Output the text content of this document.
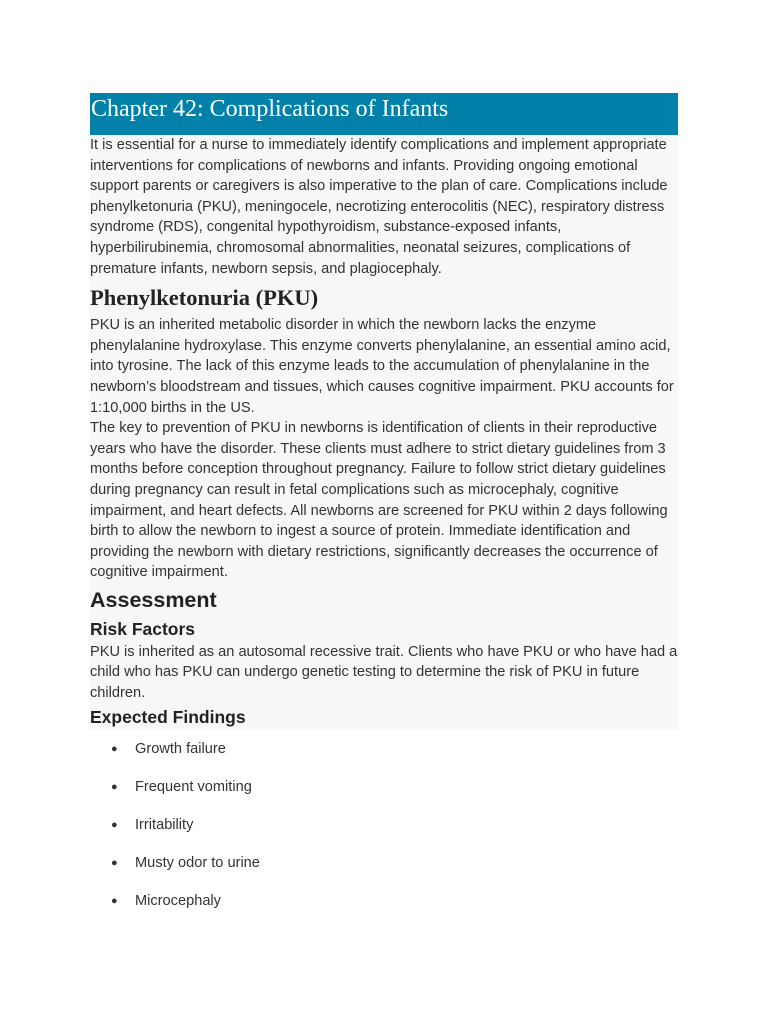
Chapter 42: Complications of Infants

It is essential for a nurse to immediately identify complications and implement appropriate interventions for complications of newborns and infants. Providing ongoing emotional support parents or caregivers is also imperative to the plan of care. Complications include phenylketonuria (PKU), meningocele, necrotizing enterocolitis (NEC), respiratory distress syndrome (RDS), congenital hypothyroidism, substance-exposed infants, hyperbilirubinemia, chromosomal abnormalities, neonatal seizures, complications of premature infants, newborn sepsis, and plagiocephaly.

Phenylketonuria (PKU)

PKU is an inherited metabolic disorder in which the newborn lacks the enzyme phenylalanine hydroxylase. This enzyme converts phenylalanine, an essential amino acid, into tyrosine. The lack of this enzyme leads to the accumulation of phenylalanine in the newborn’s bloodstream and tissues, which causes cognitive impairment. PKU accounts for 1:10,000 births in the US.

The key to prevention of PKU in newborns is identification of clients in their reproductive years who have the disorder. These clients must adhere to strict dietary guidelines from 3 months before conception throughout pregnancy. Failure to follow strict dietary guidelines during pregnancy can result in fetal complications such as microcephaly, cognitive impairment, and heart defects. All newborns are screened for PKU within 2 days following birth to allow the newborn to ingest a source of protein. Immediate identification and providing the newborn with dietary restrictions, significantly decreases the occurrence of cognitive impairment.

Assessment
Risk Factors

PKU is inherited as an autosomal recessive trait. Clients who have PKU or who have had a child who has PKU can undergo genetic testing to determine the risk of PKU in future children.

Expected Findings
●	Growth failure
●	Frequent vomiting
●	Irritability
●	Musty odor to urine
●	Microcephaly
